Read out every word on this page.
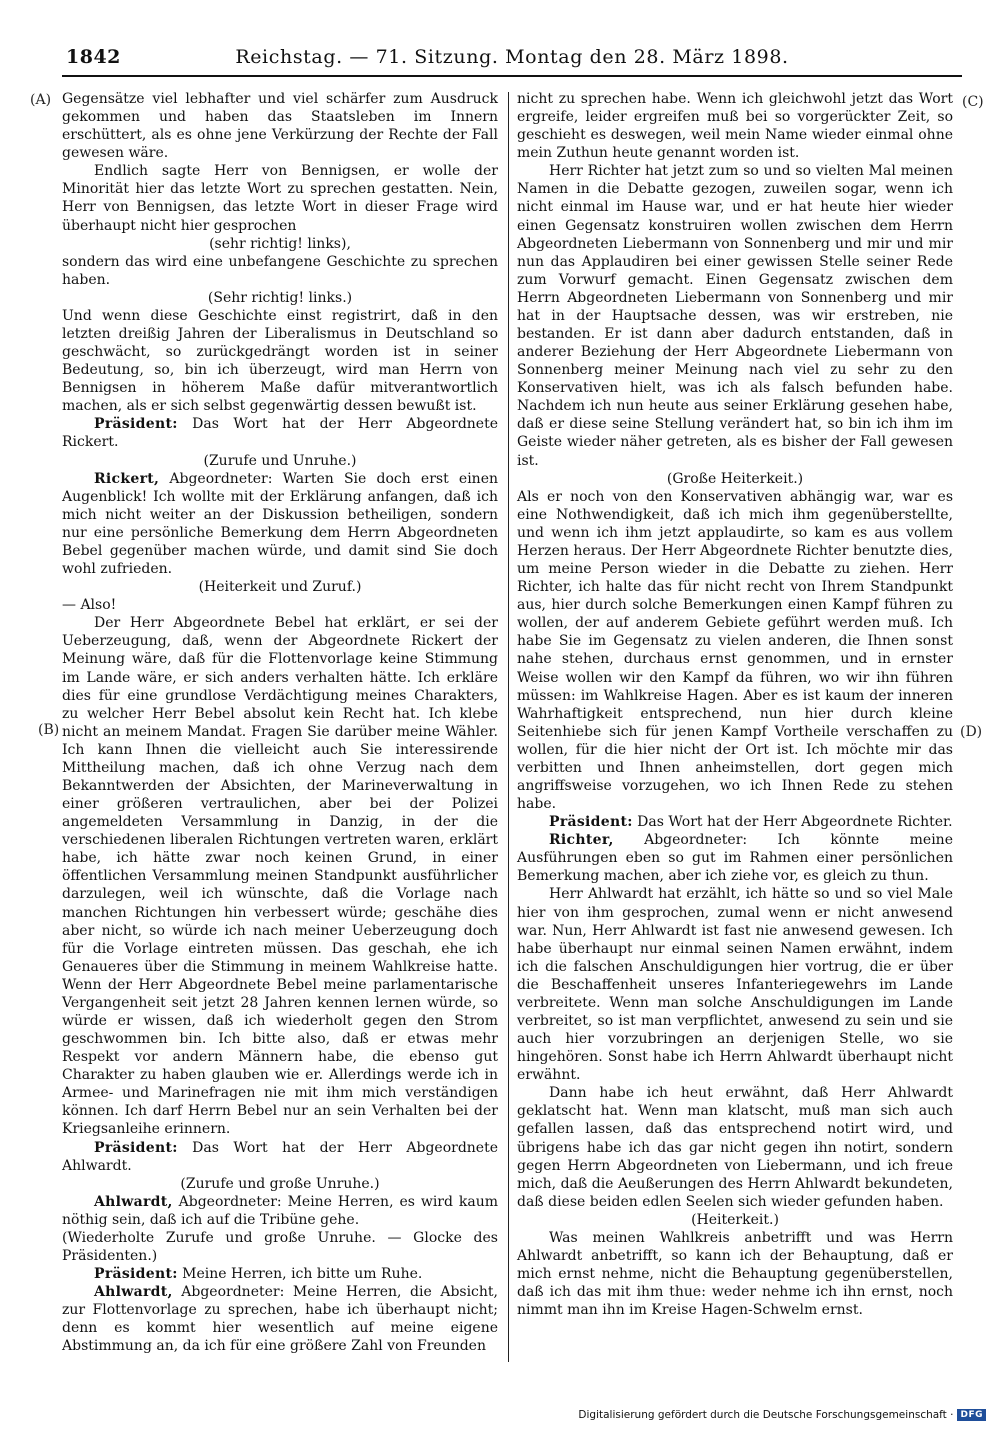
1842	Reichstag. — 71. Sitzung. Montag den 28. März 1898.
(A)
(B)
(C)
(D)

Gegensätze viel lebhafter und viel schärfer zum Ausdruck gekommen und haben das Staatsleben im Innern erschüttert, als es ohne jene Verkürzung der Rechte der Fall gewesen wäre.

Endlich sagte Herr von Bennigsen, er wolle der Minorität hier das letzte Wort zu sprechen gestatten. Nein, Herr von Bennigsen, das letzte Wort in dieser Frage wird überhaupt nicht hier gesprochen

(sehr richtig! links),

sondern das wird eine unbefangene Geschichte zu sprechen haben.

(Sehr richtig! links.)

Und wenn diese Geschichte einst registrirt, daß in den letzten dreißig Jahren der Liberalismus in Deutschland so geschwächt, so zurückgedrängt worden ist in seiner Bedeutung, so, bin ich überzeugt, wird man Herrn von Bennigsen in höherem Maße dafür mitverantwortlich machen, als er sich selbst gegenwärtig dessen bewußt ist.

Präsident: Das Wort hat der Herr Abgeordnete Rickert.

(Zurufe und Unruhe.)

Rickert, Abgeordneter: Warten Sie doch erst einen Augenblick! Ich wollte mit der Erklärung anfangen, daß ich mich nicht weiter an der Diskussion betheiligen, sondern nur eine persönliche Bemerkung dem Herrn Abgeordneten Bebel gegenüber machen würde, und damit sind Sie doch wohl zufrieden.

(Heiterkeit und Zuruf.)

— Also!

Der Herr Abgeordnete Bebel hat erklärt, er sei der Ueberzeugung, daß, wenn der Abgeordnete Rickert der Meinung wäre, daß für die Flottenvorlage keine Stimmung im Lande wäre, er sich anders verhalten hätte. Ich erkläre dies für eine grundlose Verdächtigung meines Charakters, zu welcher Herr Bebel absolut kein Recht hat. Ich klebe nicht an meinem Mandat. Fragen Sie darüber meine Wähler. Ich kann Ihnen die vielleicht auch Sie interessirende Mittheilung machen, daß ich ohne Verzug nach dem Bekanntwerden der Absichten, der Marineverwaltung in einer größeren vertraulichen, aber bei der Polizei angemeldeten Versammlung in Danzig, in der die verschiedenen liberalen Richtungen vertreten waren, erklärt habe, ich hätte zwar noch keinen Grund, in einer öffentlichen Versammlung meinen Standpunkt ausführlicher darzulegen, weil ich wünschte, daß die Vorlage nach manchen Richtungen hin verbessert würde; geschähe dies aber nicht, so würde ich nach meiner Ueberzeugung doch für die Vorlage eintreten müssen. Das geschah, ehe ich Genaueres über die Stimmung in meinem Wahlkreise hatte. Wenn der Herr Abgeordnete Bebel meine parlamentarische Vergangenheit seit jetzt 28 Jahren kennen lernen würde, so würde er wissen, daß ich wiederholt gegen den Strom geschwommen bin. Ich bitte also, daß er etwas mehr Respekt vor andern Männern habe, die ebenso gut Charakter zu haben glauben wie er. Allerdings werde ich in Armee- und Marinefragen nie mit ihm mich verständigen können. Ich darf Herrn Bebel nur an sein Verhalten bei der Kriegsanleihe erinnern.

Präsident: Das Wort hat der Herr Abgeordnete Ahlwardt.

(Zurufe und große Unruhe.)

Ahlwardt, Abgeordneter: Meine Herren, es wird kaum nöthig sein, daß ich auf die Tribüne gehe.

(Wiederholte Zurufe und große Unruhe. — Glocke des Präsidenten.)

Präsident: Meine Herren, ich bitte um Ruhe.

Ahlwardt, Abgeordneter: Meine Herren, die Absicht, zur Flottenvorlage zu sprechen, habe ich überhaupt nicht; denn es kommt hier wesentlich auf meine eigene Abstimmung an, da ich für eine größere Zahl von Freunden

nicht zu sprechen habe. Wenn ich gleichwohl jetzt das Wort ergreife, leider ergreifen muß bei so vorgerückter Zeit, so geschieht es deswegen, weil mein Name wieder einmal ohne mein Zuthun heute genannt worden ist.

Herr Richter hat jetzt zum so und so vielten Mal meinen Namen in die Debatte gezogen, zuweilen sogar, wenn ich nicht einmal im Hause war, und er hat heute hier wieder einen Gegensatz konstruiren wollen zwischen dem Herrn Abgeordneten Liebermann von Sonnenberg und mir und mir nun das Applaudiren bei einer gewissen Stelle seiner Rede zum Vorwurf gemacht. Einen Gegensatz zwischen dem Herrn Abgeordneten Liebermann von Sonnenberg und mir hat in der Hauptsache dessen, was wir erstreben, nie bestanden. Er ist dann aber dadurch entstanden, daß in anderer Beziehung der Herr Abgeordnete Liebermann von Sonnenberg meiner Meinung nach viel zu sehr zu den Konservativen hielt, was ich als falsch befunden habe. Nachdem ich nun heute aus seiner Erklärung gesehen habe, daß er diese seine Stellung verändert hat, so bin ich ihm im Geiste wieder näher getreten, als es bisher der Fall gewesen ist.

(Große Heiterkeit.)

Als er noch von den Konservativen abhängig war, war es eine Nothwendigkeit, daß ich mich ihm gegenüberstellte, und wenn ich ihm jetzt applaudirte, so kam es aus vollem Herzen heraus. Der Herr Abgeordnete Richter benutzte dies, um meine Person wieder in die Debatte zu ziehen. Herr Richter, ich halte das für nicht recht von Ihrem Standpunkt aus, hier durch solche Bemerkungen einen Kampf führen zu wollen, der auf anderem Gebiete geführt werden muß. Ich habe Sie im Gegensatz zu vielen anderen, die Ihnen sonst nahe stehen, durchaus ernst genommen, und in ernster Weise wollen wir den Kampf da führen, wo wir ihn führen müssen: im Wahlkreise Hagen. Aber es ist kaum der inneren Wahrhaftigkeit entsprechend, nun hier durch kleine Seitenhiebe sich für jenen Kampf Vortheile verschaffen zu wollen, für die hier nicht der Ort ist. Ich möchte mir das verbitten und Ihnen anheimstellen, dort gegen mich angriffsweise vorzugehen, wo ich Ihnen Rede zu stehen habe.

Präsident: Das Wort hat der Herr Abgeordnete Richter.

Richter, Abgeordneter: Ich könnte meine Ausführungen eben so gut im Rahmen einer persönlichen Bemerkung machen, aber ich ziehe vor, es gleich zu thun.

Herr Ahlwardt hat erzählt, ich hätte so und so viel Male hier von ihm gesprochen, zumal wenn er nicht anwesend war. Nun, Herr Ahlwardt ist fast nie anwesend gewesen. Ich habe überhaupt nur einmal seinen Namen erwähnt, indem ich die falschen Anschuldigungen hier vortrug, die er über die Beschaffenheit unseres Infanteriegewehrs im Lande verbreitete. Wenn man solche Anschuldigungen im Lande verbreitet, so ist man verpflichtet, anwesend zu sein und sie auch hier vorzubringen an derjenigen Stelle, wo sie hingehören. Sonst habe ich Herrn Ahlwardt überhaupt nicht erwähnt.

Dann habe ich heut erwähnt, daß Herr Ahlwardt geklatscht hat. Wenn man klatscht, muß man sich auch gefallen lassen, daß das entsprechend notirt wird, und übrigens habe ich das gar nicht gegen ihn notirt, sondern gegen Herrn Abgeordneten von Liebermann, und ich freue mich, daß die Aeußerungen des Herrn Ahlwardt bekundeten, daß diese beiden edlen Seelen sich wieder gefunden haben.

(Heiterkeit.)

Was meinen Wahlkreis anbetrifft und was Herrn Ahlwardt anbetrifft, so kann ich der Behauptung, daß er mich ernst nehme, nicht die Behauptung gegenüberstellen, daß ich das mit ihm thue: weder nehme ich ihn ernst, noch nimmt man ihn im Kreise Hagen-Schwelm ernst.

Digitalisierung gefördert durch die Deutsche Forschungsgemeinschaft · DFG
